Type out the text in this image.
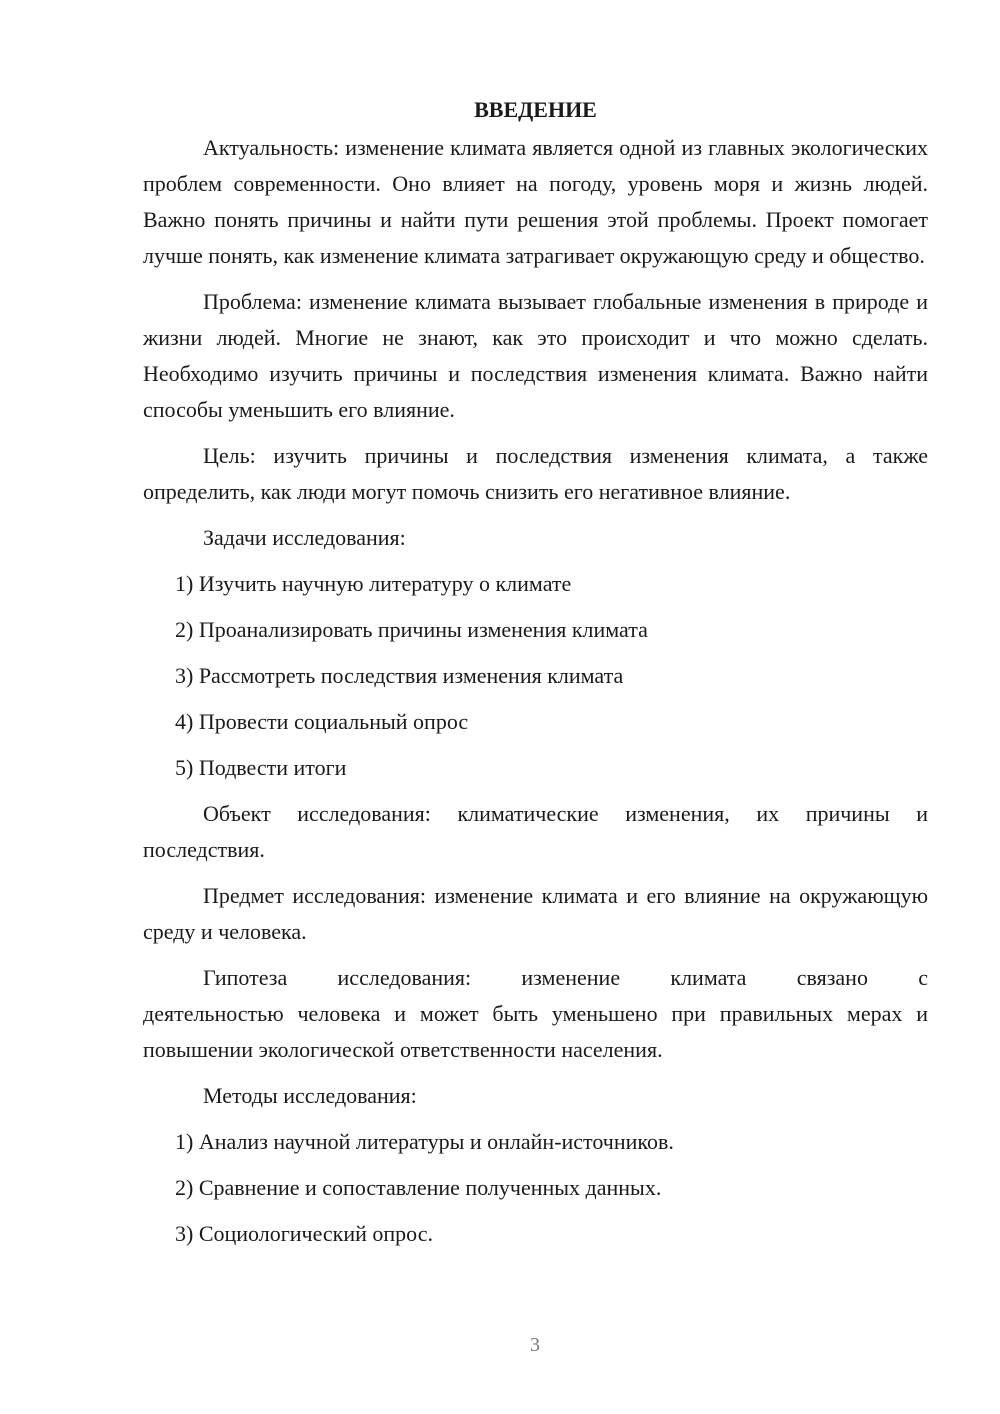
ВВЕДЕНИЕ

Актуальность: изменение климата является одной из главных экологических проблем современности. Оно влияет на погоду, уровень моря и жизнь людей. Важно понять причины и найти пути решения этой проблемы. Проект помогает лучше понять, как изменение климата затрагивает окружающую среду и общество.

Проблема: изменение климата вызывает глобальные изменения в природе и жизни людей. Многие не знают, как это происходит и что можно сделать. Необходимо изучить причины и последствия изменения климата. Важно найти способы уменьшить его влияние.

Цель: изучить причины и последствия изменения климата, а также определить, как люди могут помочь снизить его негативное влияние.

Задачи исследования:

1) Изучить научную литературу о климате
2) Проанализировать причины изменения климата
3) Рассмотреть последствия изменения климата
4) Провести социальный опрос
5) Подвести итоги

Объект исследования: климатические изменения, их причины и последствия.

Предмет исследования: изменение климата и его влияние на окружающую среду и человека.

Гипотеза исследования: изменение климата связано с

деятельностью человека и может быть уменьшено при правильных мерах и повышении экологической ответственности населения.

Методы исследования:

1) Анализ научной литературы и онлайн-источников.
2) Сравнение и сопоставление полученных данных.
3) Социологический опрос.
3
